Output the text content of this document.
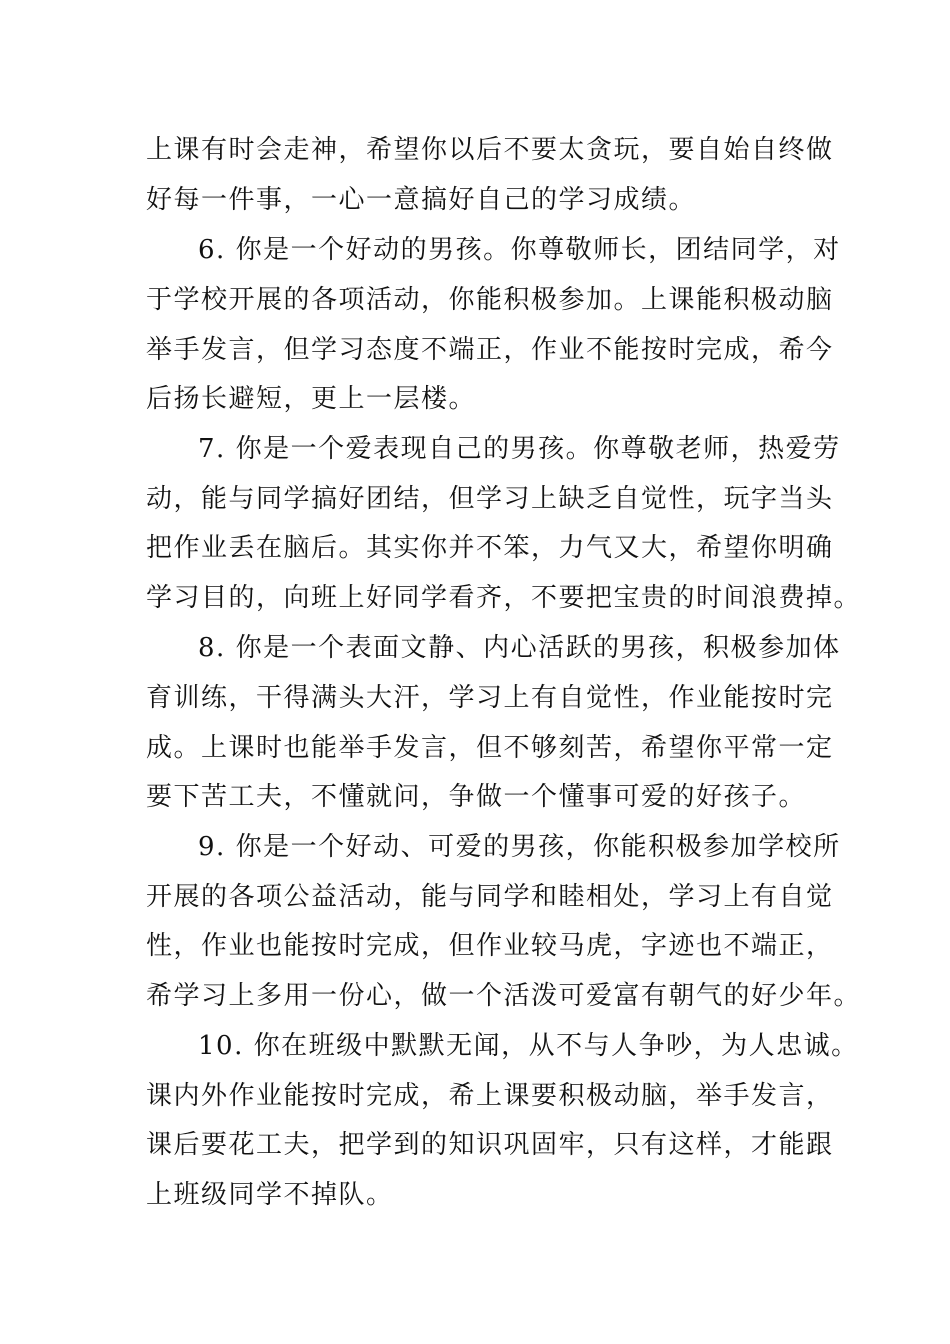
上课有时会走神，希望你以后不要太贪玩，要自始自终做
好每一件事，一心一意搞好自己的学习成绩。
6. 你是一个好动的男孩。你尊敬师长，团结同学，对
于学校开展的各项活动，你能积极参加。上课能积极动脑
举手发言，但学习态度不端正，作业不能按时完成，希今
后扬长避短，更上一层楼。
7. 你是一个爱表现自己的男孩。你尊敬老师，热爱劳
动，能与同学搞好团结，但学习上缺乏自觉性，玩字当头
把作业丢在脑后。其实你并不笨，力气又大，希望你明确
学习目的，向班上好同学看齐，不要把宝贵的时间浪费掉。
8. 你是一个表面文静、内心活跃的男孩，积极参加体
育训练，干得满头大汗，学习上有自觉性，作业能按时完
成。上课时也能举手发言，但不够刻苦，希望你平常一定
要下苦工夫，不懂就问，争做一个懂事可爱的好孩子。
9. 你是一个好动、可爱的男孩，你能积极参加学校所
开展的各项公益活动，能与同学和睦相处，学习上有自觉
性，作业也能按时完成，但作业较马虎，字迹也不端正，
希学习上多用一份心，做一个活泼可爱富有朝气的好少年。
10. 你在班级中默默无闻，从不与人争吵，为人忠诚。
课内外作业能按时完成，希上课要积极动脑，举手发言，
课后要花工夫，把学到的知识巩固牢，只有这样，才能跟
上班级同学不掉队。
